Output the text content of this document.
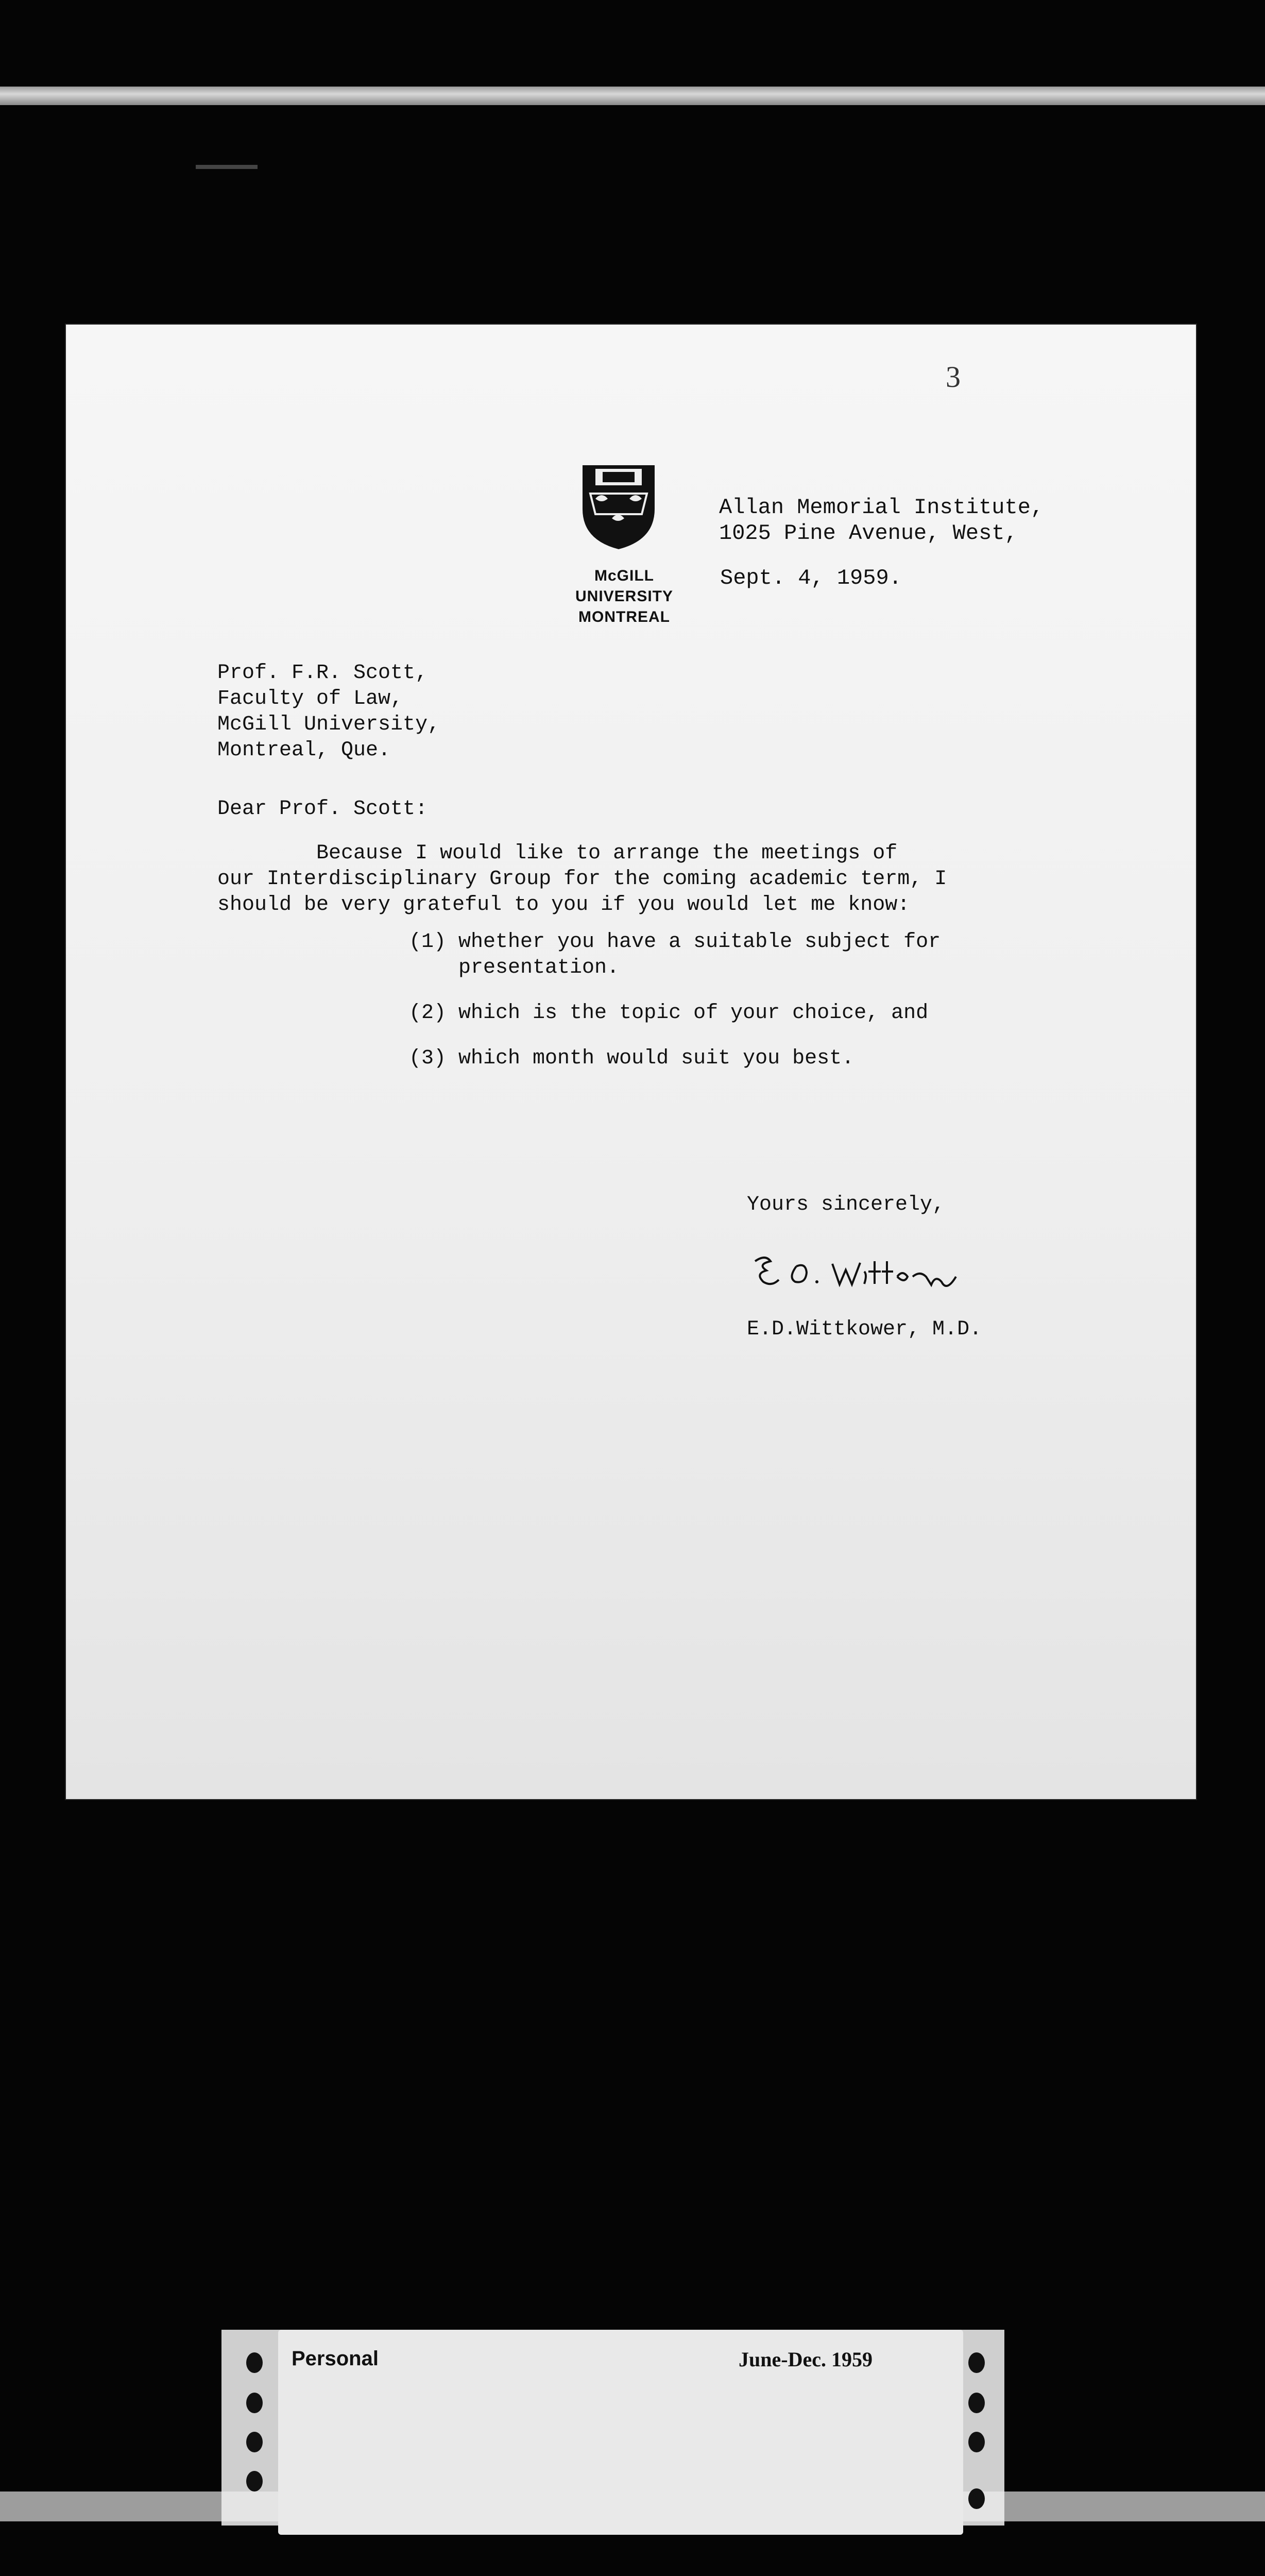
3
McGILL UNIVERSITY
MONTREAL
Allan Memorial Institute,
1025 Pine Avenue, West,
Sept. 4, 1959.
Prof. F.R. Scott,
Faculty of Law,
McGill University,
Montreal, Que.
Dear Prof. Scott:
Because I would like to arrange the meetings of
our Interdisciplinary Group for the coming academic term, I
should be very grateful to you if you would let me know:
(1) whether you have a suitable subject for
presentation.
(2) which is the topic of your choice, and
(3) which month would suit you best.
Yours sincerely,
E.D.Wittkower, M.D.
Personal	June-Dec. 1959
